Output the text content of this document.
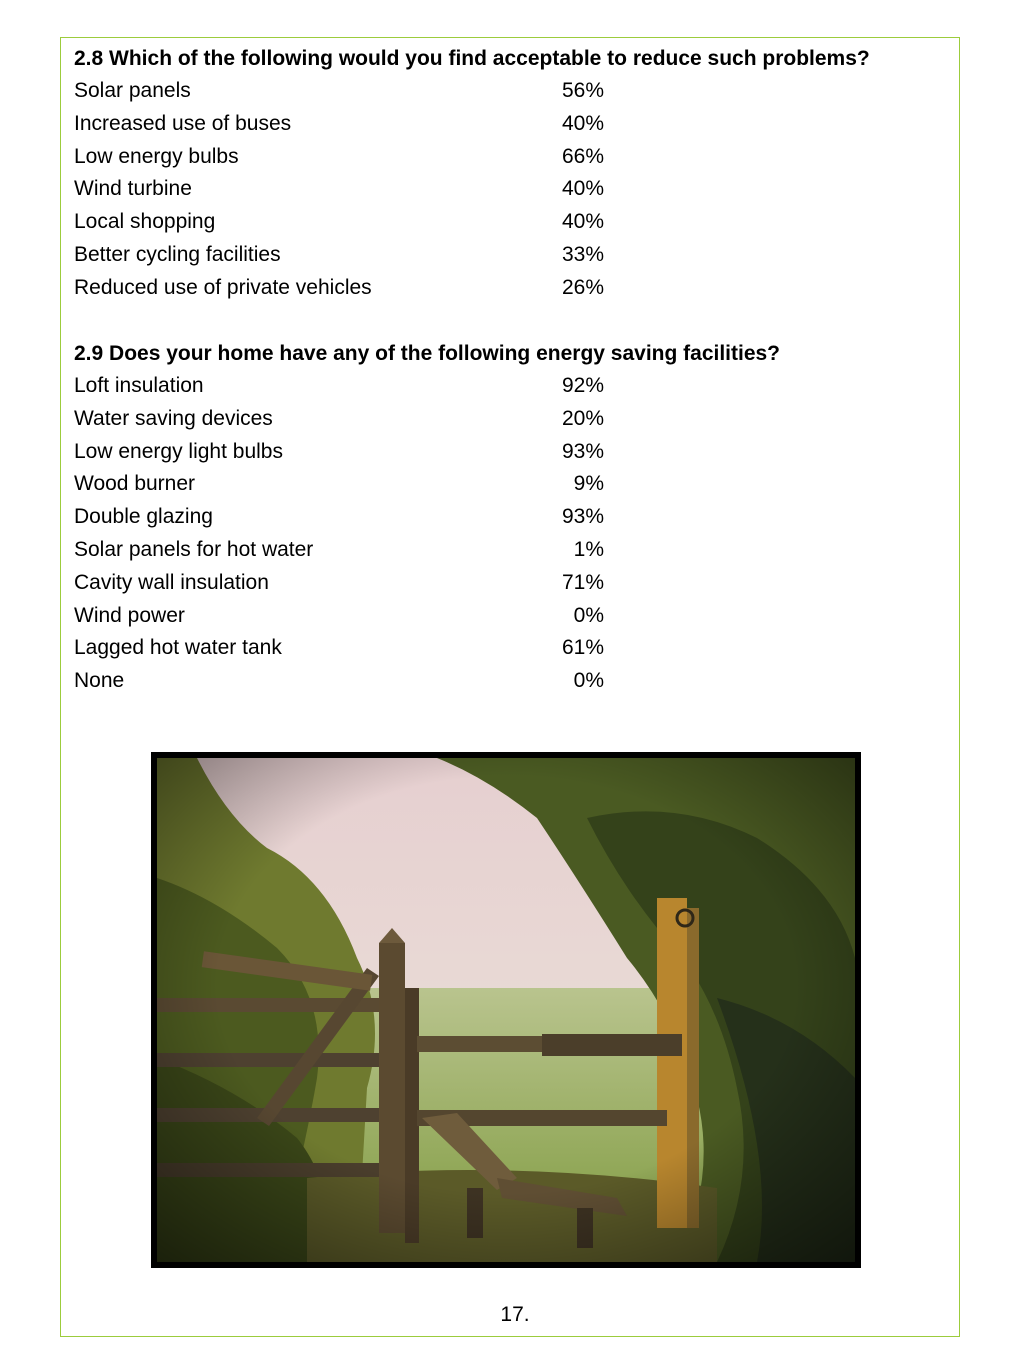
2.8 Which of the following would you find acceptable to reduce such problems?
Solar panels	56%
Increased use of buses	40%
Low energy bulbs	66%
Wind turbine	40%
Local shopping	40%
Better cycling facilities	33%
Reduced use of private vehicles	26%
2.9 Does your home have any of the following energy saving facilities?
Loft insulation	92%
Water saving devices	20%
Low energy light bulbs	93%
Wood burner	9%
Double glazing	93%
Solar panels for hot water	1%
Cavity wall insulation	71%
Wind power	0%
Lagged hot water tank	61%
None	0%
17.
